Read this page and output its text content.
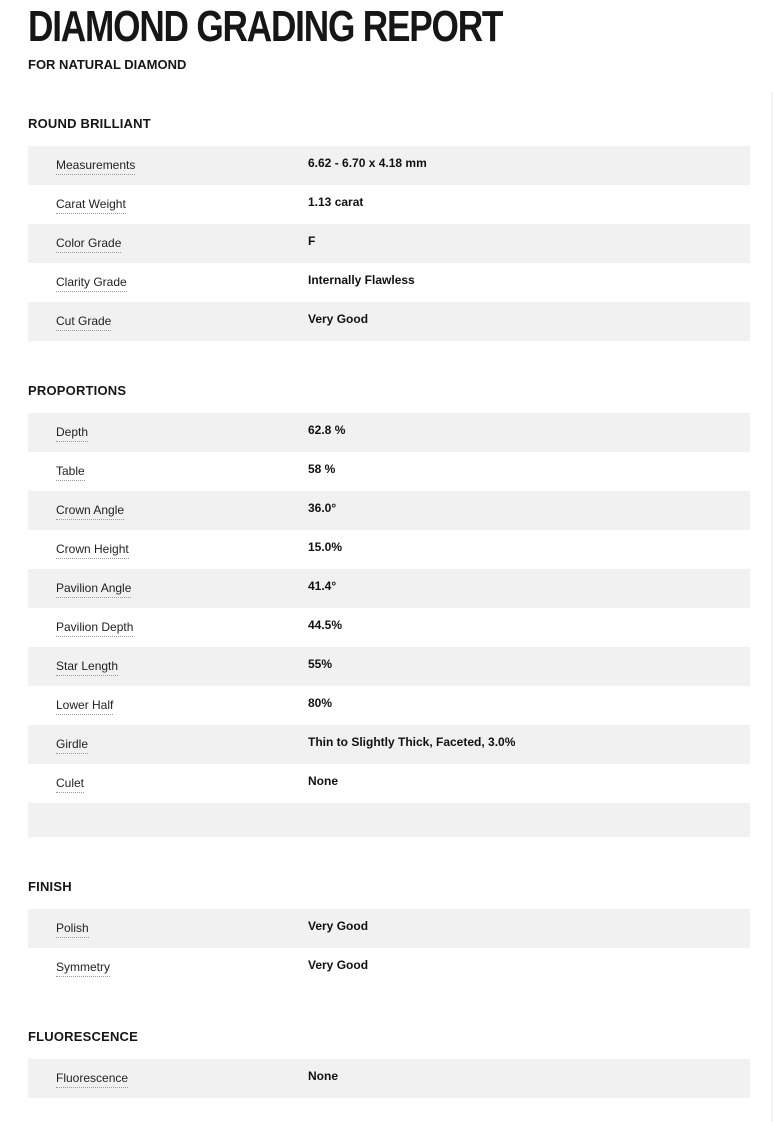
DIAMOND GRADING REPORT
FOR NATURAL DIAMOND
ROUND BRILLIANT
Measurements	6.62 - 6.70 x 4.18 mm
Carat Weight	1.13 carat
Color Grade	F
Clarity Grade	Internally Flawless
Cut Grade	Very Good
PROPORTIONS
Depth	62.8 %
Table	58 %
Crown Angle	36.0°
Crown Height	15.0%
Pavilion Angle	41.4°
Pavilion Depth	44.5%
Star Length	55%
Lower Half	80%
Girdle	Thin to Slightly Thick, Faceted, 3.0%
Culet	None
FINISH
Polish	Very Good
Symmetry	Very Good
FLUORESCENCE
Fluorescence	None
